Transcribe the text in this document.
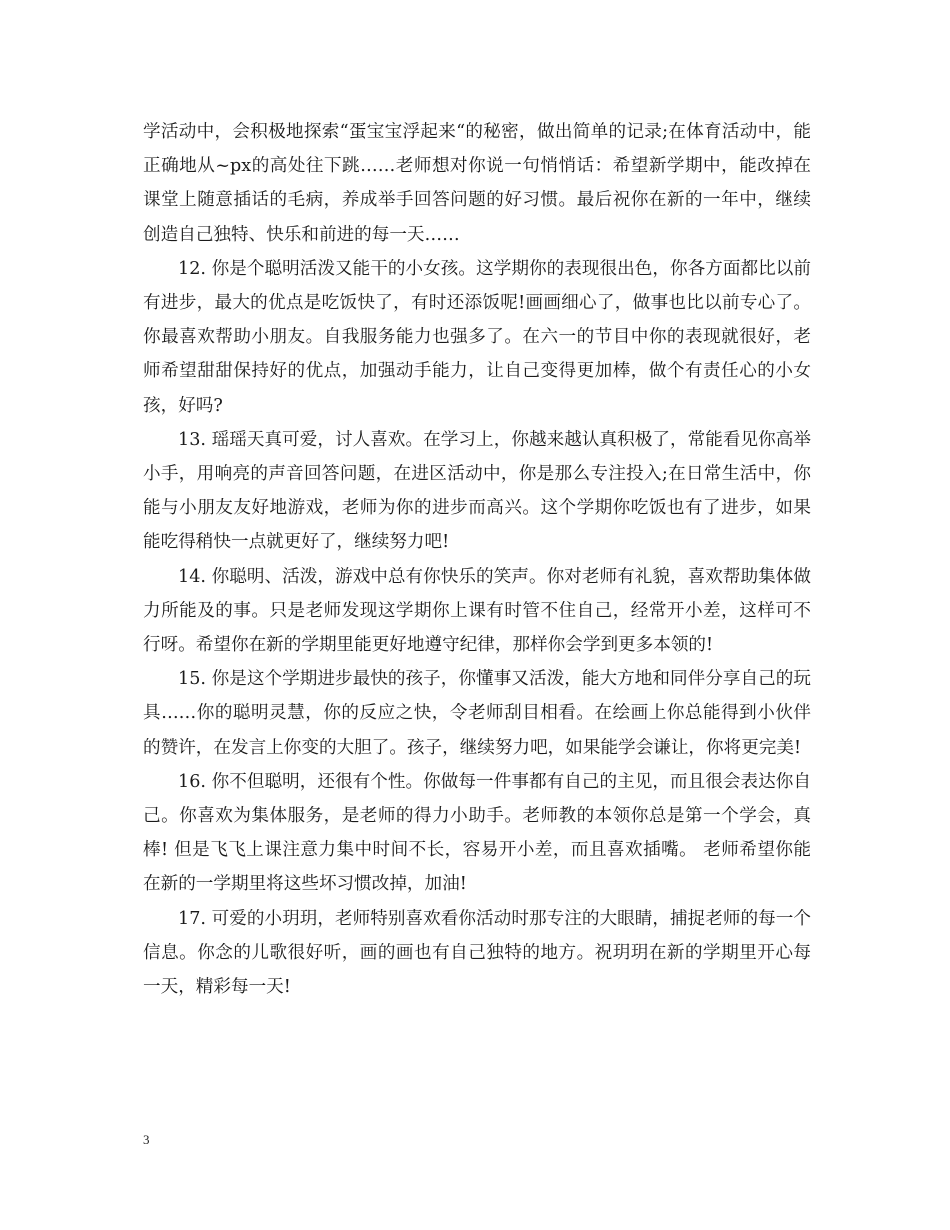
学活动中，会积极地探索“蛋宝宝浮起来“的秘密，做出简单的记录;在体育活动中，能正确地从~px的高处往下跳……老师想对你说一句悄悄话：希望新学期中，能改掉在课堂上随意插话的毛病，养成举手回答问题的好习惯。最后祝你在新的一年中，继续创造自己独特、快乐和前进的每一天……

12. 你是个聪明活泼又能干的小女孩。这学期你的表现很出色，你各方面都比以前有进步，最大的优点是吃饭快了，有时还添饭呢!画画细心了，做事也比以前专心了。你最喜欢帮助小朋友。自我服务能力也强多了。在六一的节目中你的表现就很好，老师希望甜甜保持好的优点，加强动手能力，让自己变得更加棒，做个有责任心的小女孩，好吗?

13. 瑶瑶天真可爱，讨人喜欢。在学习上，你越来越认真积极了，常能看见你高举小手，用响亮的声音回答问题，在进区活动中，你是那么专注投入;在日常生活中，你能与小朋友友好地游戏，老师为你的进步而高兴。这个学期你吃饭也有了进步，如果能吃得稍快一点就更好了，继续努力吧!

14. 你聪明、活泼，游戏中总有你快乐的笑声。你对老师有礼貌，喜欢帮助集体做力所能及的事。只是老师发现这学期你上课有时管不住自己，经常开小差，这样可不行呀。希望你在新的学期里能更好地遵守纪律，那样你会学到更多本领的!

15. 你是这个学期进步最快的孩子，你懂事又活泼，能大方地和同伴分享自己的玩具……你的聪明灵慧，你的反应之快，令老师刮目相看。在绘画上你总能得到小伙伴的赞许，在发言上你变的大胆了。孩子，继续努力吧，如果能学会谦让，你将更完美!

16. 你不但聪明，还很有个性。你做每一件事都有自己的主见，而且很会表达你自己。你喜欢为集体服务，是老师的得力小助手。老师教的本领你总是第一个学会，真棒! 但是飞飞上课注意力集中时间不长，容易开小差，而且喜欢插嘴。 老师希望你能在新的一学期里将这些坏习惯改掉，加油!

17. 可爱的小玥玥，老师特别喜欢看你活动时那专注的大眼睛，捕捉老师的每一个信息。你念的儿歌很好听，画的画也有自己独特的地方。祝玥玥在新的学期里开心每一天，精彩每一天!

3
